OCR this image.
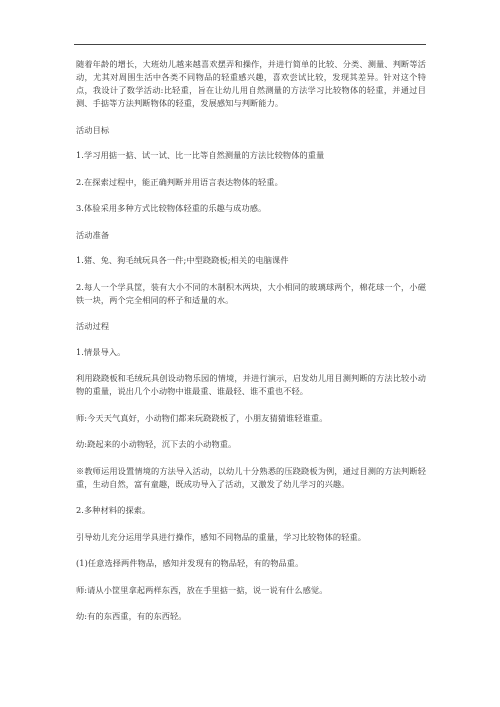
随着年龄的增长，大班幼儿越来越喜欢摆弄和操作，并进行简单的比较、分类、测量、判断等活动，尤其对周围生活中各类不同物品的轻重感兴趣，喜欢尝试比较，发现其差异。针对这个特点，我设计了数学活动:比轻重，旨在让幼儿用自然测量的方法学习比较物体的轻重，并通过目测、手掂等方法判断物体的轻重，发展感知与判断能力。

活动目标

1.学习用掂一掂、试一试、比一比等自然测量的方法比较物体的重量

2.在探索过程中，能正确判断并用语言表达物体的轻重。

3.体验采用多种方式比较物体轻重的乐趣与成功感。

活动准备

1.猪、兔、狗毛绒玩具各一件;中型跷跷板;相关的电脑课件

2.每人一个学具筐，装有大小不同的木制积木两块，大小相同的玻璃球两个，棉花球一个，小磁铁一块，两个完全相同的杯子和适量的水。

活动过程

1.情景导入。

利用跷跷板和毛绒玩具创设动物乐园的情境，并进行演示，启发幼儿用目测判断的方法比较小动物的重量，说出几个小动物中谁最重、谁最轻、谁不重也不轻。

师:今天天气真好，小动物们都来玩跷跷板了，小朋友猜猜谁轻谁重。

幼:跷起来的小动物轻，沉下去的小动物重。

※教师运用设置情境的方法导入活动，以幼儿十分熟悉的压跷跷板为例，通过目测的方法判断轻重，生动自然，富有童趣，既成功导入了活动，又激发了幼儿学习的兴趣。

2.多种材料的探索。

引导幼儿充分运用学具进行操作，感知不同物品的重量，学习比较物体的轻重。

(1)任意选择两件物品，感知并发现有的物品轻，有的物品重。

师:请从小筐里拿起两样东西，放在手里掂一掂，说一说有什么感觉。

幼:有的东西重，有的东西轻。
